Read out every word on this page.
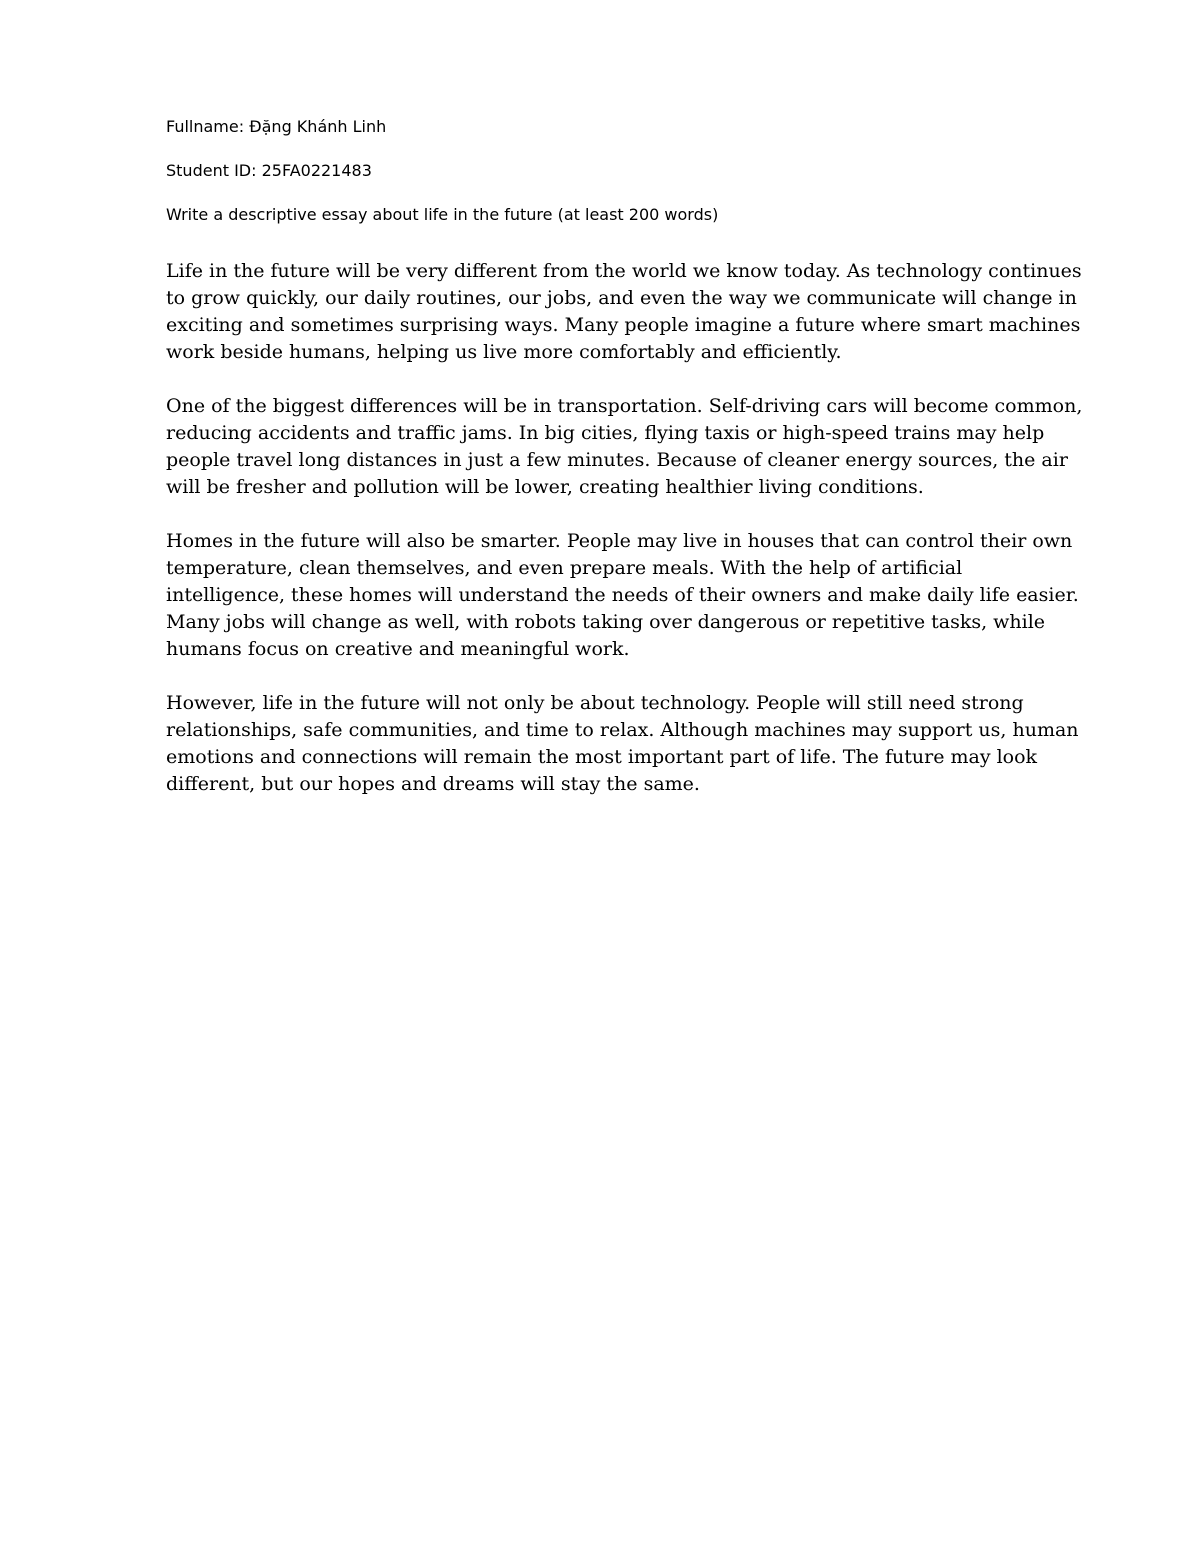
Fullname: Đặng Khánh Linh
Student ID: 25FA0221483
Write a descriptive essay about life in the future (at least 200 words)

Life in the future will be very different from the world we know today. As technology continues to grow quickly, our daily routines, our jobs, and even the way we communicate will change in exciting and sometimes surprising ways. Many people imagine a future where smart machines work beside humans, helping us live more comfortably and efficiently.

One of the biggest differences will be in transportation. Self-driving cars will become common, reducing accidents and traffic jams. In big cities, flying taxis or high-speed trains may help people travel long distances in just a few minutes. Because of cleaner energy sources, the air will be fresher and pollution will be lower, creating healthier living conditions.

Homes in the future will also be smarter. People may live in houses that can control their own temperature, clean themselves, and even prepare meals. With the help of artificial intelligence, these homes will understand the needs of their owners and make daily life easier. Many jobs will change as well, with robots taking over dangerous or repetitive tasks, while humans focus on creative and meaningful work.

However, life in the future will not only be about technology. People will still need strong relationships, safe communities, and time to relax. Although machines may support us, human emotions and connections will remain the most important part of life. The future may look different, but our hopes and dreams will stay the same.
